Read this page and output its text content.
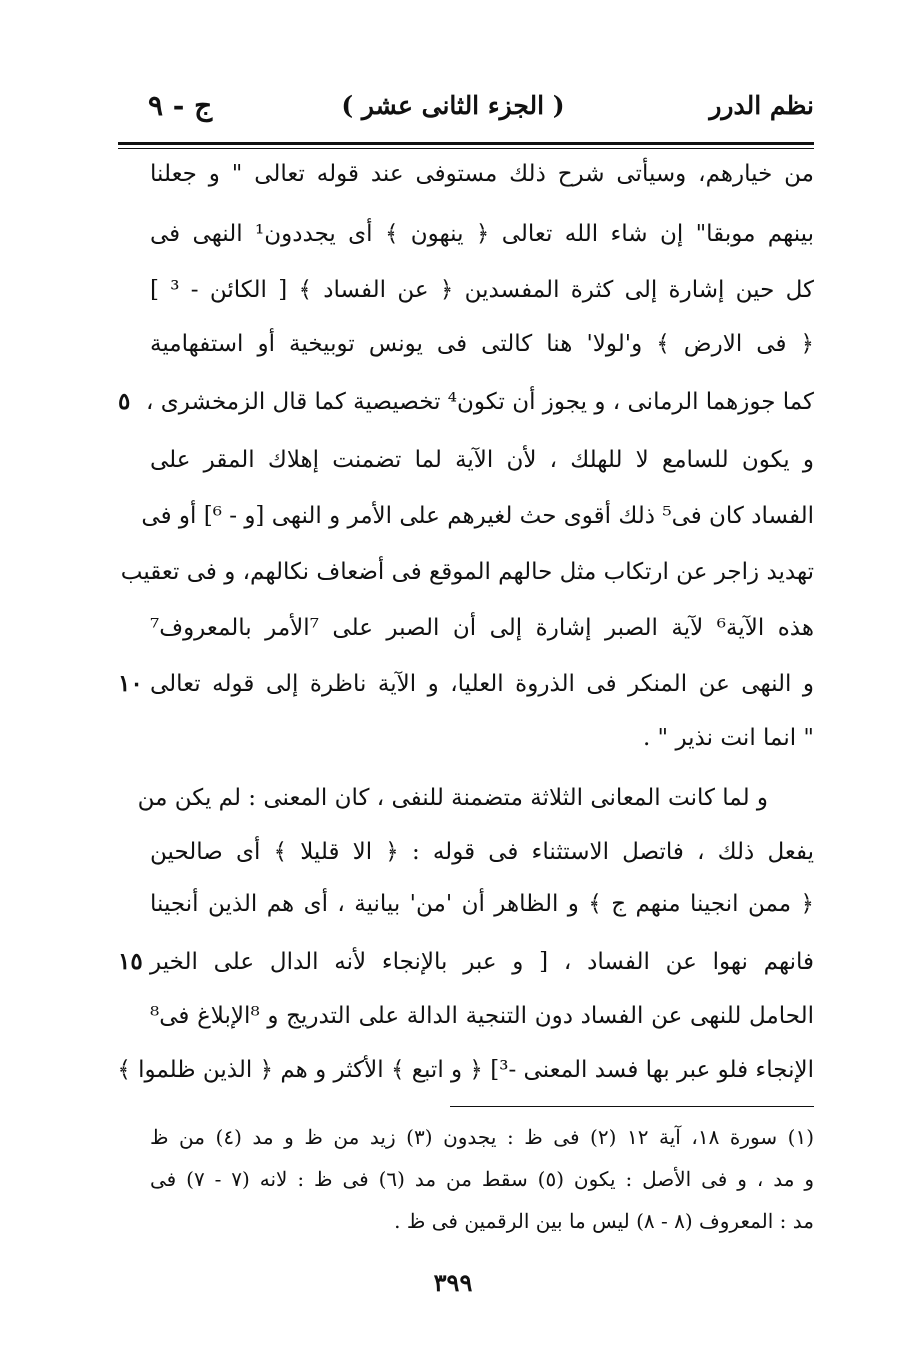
نظم الدرر
( الجزء الثانى عشر )
ج - ٩
من خيارهم، وسيأتى شرح ذلك مستوفى عند قوله تعالى " و جعلنا
بينهم موبقا" إن شاء الله تعالى ﴿ ينهون ﴾ أى يجددون¹ النهى فى
كل حين إشارة إلى كثرة المفسدين ﴿ عن الفساد ﴾ [ الكائن - ³ ]
﴿ فى الارض ﴾ و'لولا' هنا كالتى فى يونس توبيخية أو استفهامية
كما جوزهما الرمانى ، و يجوز أن تكون⁴ تخصيصية كما قال الزمخشرى ،
٥
و يكون للسامع لا للهلك ، لأن الآية لما تضمنت إهلاك المقر على
الفساد كان فى⁵ ذلك أقوى حث لغيرهم على الأمر و النهى [و - ⁶] أو فى
تهديد زاجر عن ارتكاب مثل حالهم الموقع فى أضعاف نكالهم، و فى تعقيب
هذه الآية⁶ لآية الصبر إشارة إلى أن الصبر على ⁷الأمر بالمعروف⁷
و النهى عن المنكر فى الذروة العليا، و الآية ناظرة إلى قوله تعالى
١٠
" انما انت نذير " .
و لما كانت المعانى الثلاثة متضمنة للنفى ، كان المعنى : لم يكن من
يفعل ذلك ، فاتصل الاستثناء فى قوله : ﴿ الا قليلا ﴾ أى صالحين
﴿ ممن انجينا منهم ج ﴾ و الظاهر أن 'من' بيانية ، أى هم الذين أنجينا
فانهم نهوا عن الفساد ، [ و عبر بالإنجاء لأنه الدال على الخير
١٥
الحامل للنهى عن الفساد دون التنجية الدالة على التدريج و ⁸الإبلاغ فى⁸
الإنجاء فلو عبر بها فسد المعنى -³] ﴿ و اتبع ﴾ الأكثر و هم ﴿ الذين ظلموا ﴾
(١) سورة ١٨، آية ١٢ (٢) فى ظ : يجدون (٣) زيد من ظ و مد (٤) من ظ
و مد ، و فى الأصل : يكون (٥) سقط من مد (٦) فى ظ : لانه (٧ - ٧) فى
مد : المعروف (٨ - ٨) ليس ما بين الرقمين فى ظ .
٣٩٩
